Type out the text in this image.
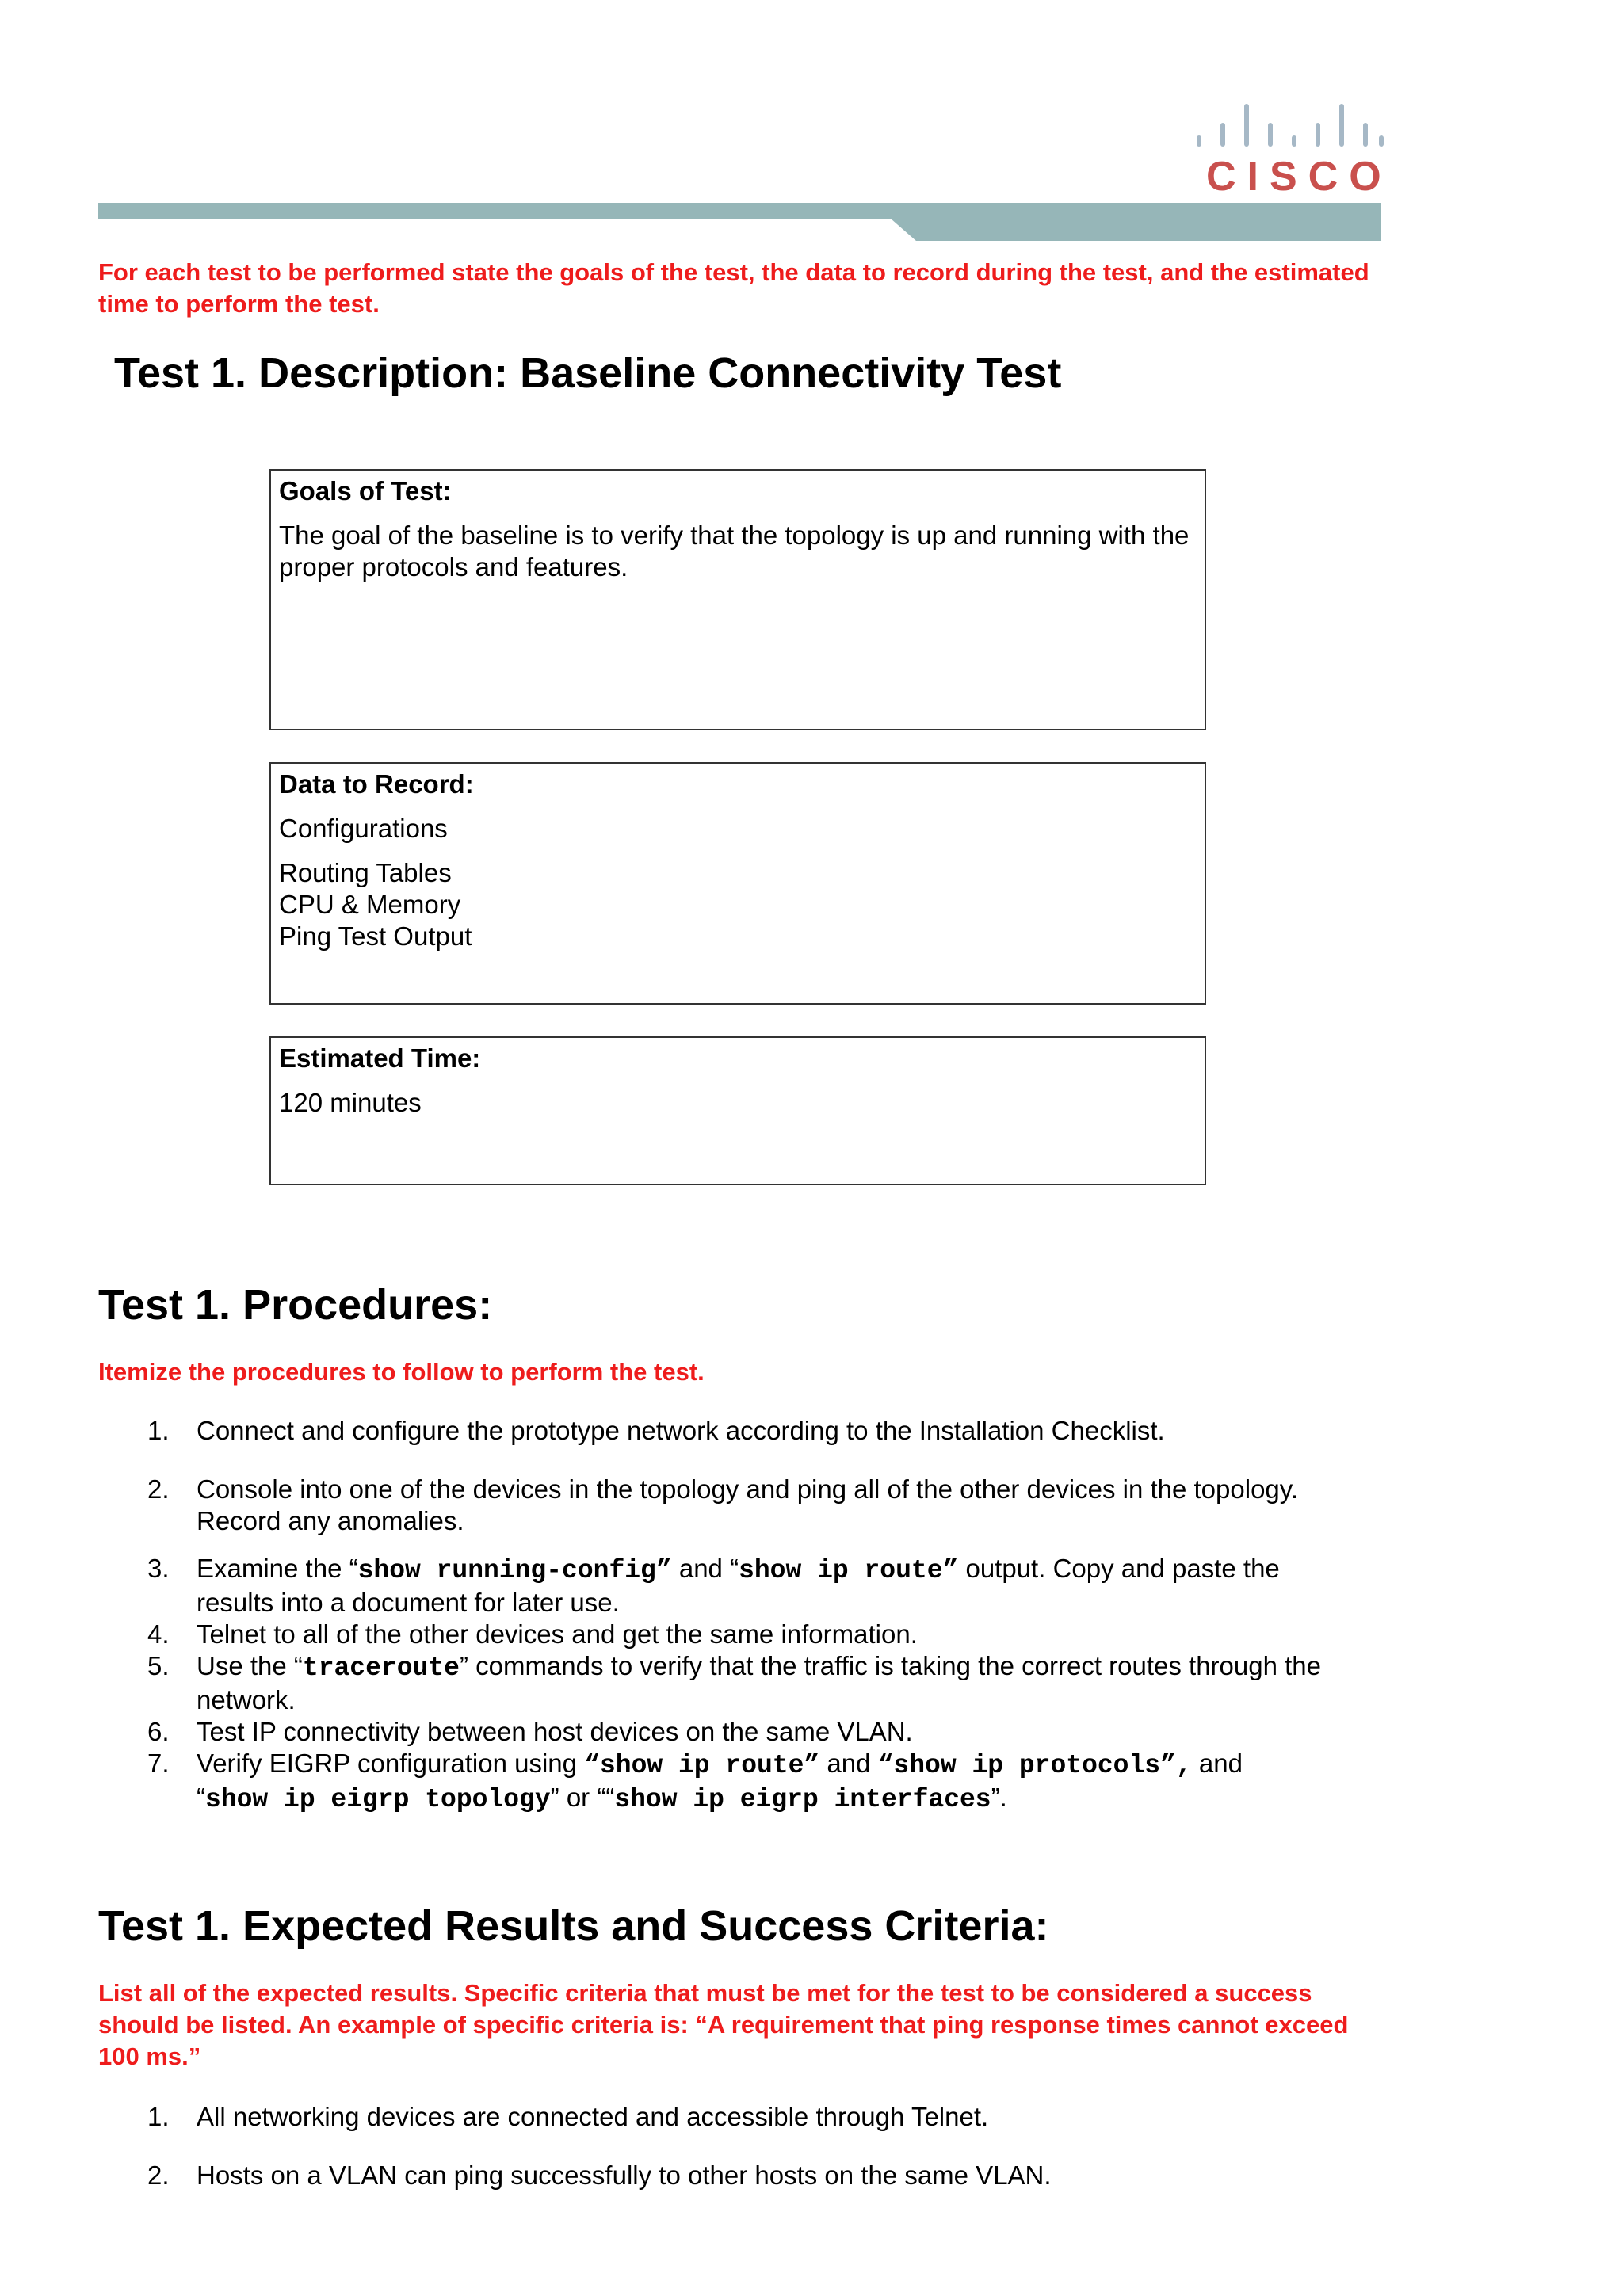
CISCO

For each test to be performed state the goals of the test, the data to record during the test, and the estimated time to perform the test.

Test 1. Description: Baseline Connectivity Test
Goals of Test:
The goal of the baseline is to verify that the topology is up and running with the proper protocols and features.
Data to Record:
Configurations
Routing Tables
CPU & Memory
Ping Test Output
Estimated Time:
120 minutes
Test 1. Procedures:

Itemize the procedures to follow to perform the test.

1. Connect and configure the prototype network according to the Installation Checklist.
2. Console into one of the devices in the topology and ping all of the other devices in the topology.
Record any anomalies.
3. Examine the “show running-config” and “show ip route” output. Copy and paste the
results into a document for later use.
4. Telnet to all of the other devices and get the same information.
5. Use the “traceroute” commands to verify that the traffic is taking the correct routes through the
network.
6. Test IP connectivity between host devices on the same VLAN.
7. Verify EIGRP configuration using “show ip route” and “show ip protocols”, and
“show ip eigrp topology” or ““show ip eigrp interfaces”.
Test 1. Expected Results and Success Criteria:

List all of the expected results. Specific criteria that must be met for the test to be considered a success should be listed. An example of specific criteria is: “A requirement that ping response times cannot exceed 100 ms.”

1. All networking devices are connected and accessible through Telnet.
2. Hosts on a VLAN can ping successfully to other hosts on the same VLAN.
